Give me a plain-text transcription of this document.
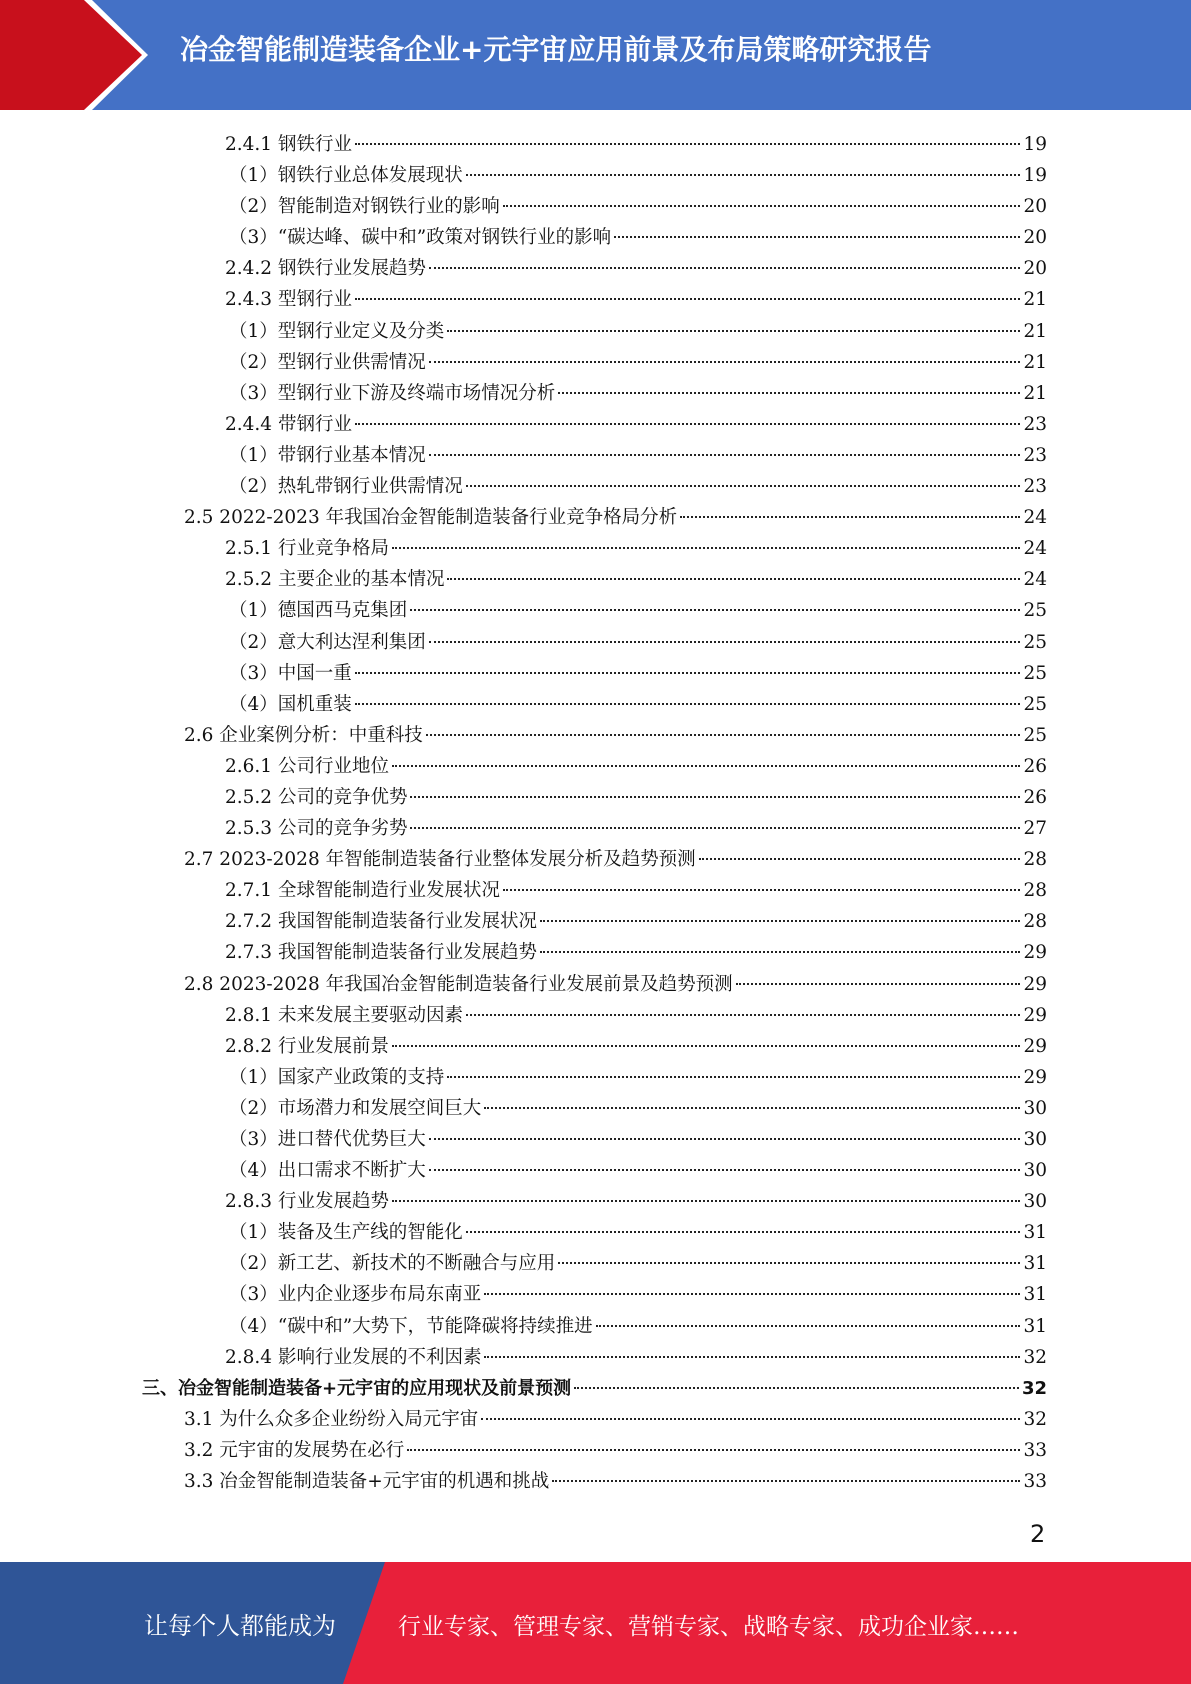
冶金智能制造装备企业+元宇宙应用前景及布局策略研究报告
2.4.1 钢铁行业	19
（1）钢铁行业总体发展现状	19
（2）智能制造对钢铁行业的影响	20
（3）“碳达峰、碳中和”政策对钢铁行业的影响	20
2.4.2 钢铁行业发展趋势	20
2.4.3 型钢行业	21
（1）型钢行业定义及分类	21
（2）型钢行业供需情况	21
（3）型钢行业下游及终端市场情况分析	21
2.4.4 带钢行业	23
（1）带钢行业基本情况	23
（2）热轧带钢行业供需情况	23
2.5 2022-2023 年我国冶金智能制造装备行业竞争格局分析	24
2.5.1 行业竞争格局	24
2.5.2 主要企业的基本情况	24
（1）德国西马克集团	25
（2）意大利达涅利集团	25
（3）中国一重	25
（4）国机重装	25
2.6 企业案例分析：中重科技	25
2.6.1 公司行业地位	26
2.5.2 公司的竞争优势	26
2.5.3 公司的竞争劣势	27
2.7 2023-2028 年智能制造装备行业整体发展分析及趋势预测	28
2.7.1 全球智能制造行业发展状况	28
2.7.2 我国智能制造装备行业发展状况	28
2.7.3 我国智能制造装备行业发展趋势	29
2.8 2023-2028 年我国冶金智能制造装备行业发展前景及趋势预测	29
2.8.1 未来发展主要驱动因素	29
2.8.2 行业发展前景	29
（1）国家产业政策的支持	29
（2）市场潜力和发展空间巨大	30
（3）进口替代优势巨大	30
（4）出口需求不断扩大	30
2.8.3 行业发展趋势	30
（1）装备及生产线的智能化	31
（2）新工艺、新技术的不断融合与应用	31
（3）业内企业逐步布局东南亚	31
（4）“碳中和”大势下，节能降碳将持续推进	31
2.8.4 影响行业发展的不利因素	32
三、冶金智能制造装备+元宇宙的应用现状及前景预测	32
3.1 为什么众多企业纷纷入局元宇宙	32
3.2 元宇宙的发展势在必行	33
3.3 冶金智能制造装备+元宇宙的机遇和挑战	33
2
让每个人都能成为	行业专家、管理专家、营销专家、战略专家、成功企业家……
